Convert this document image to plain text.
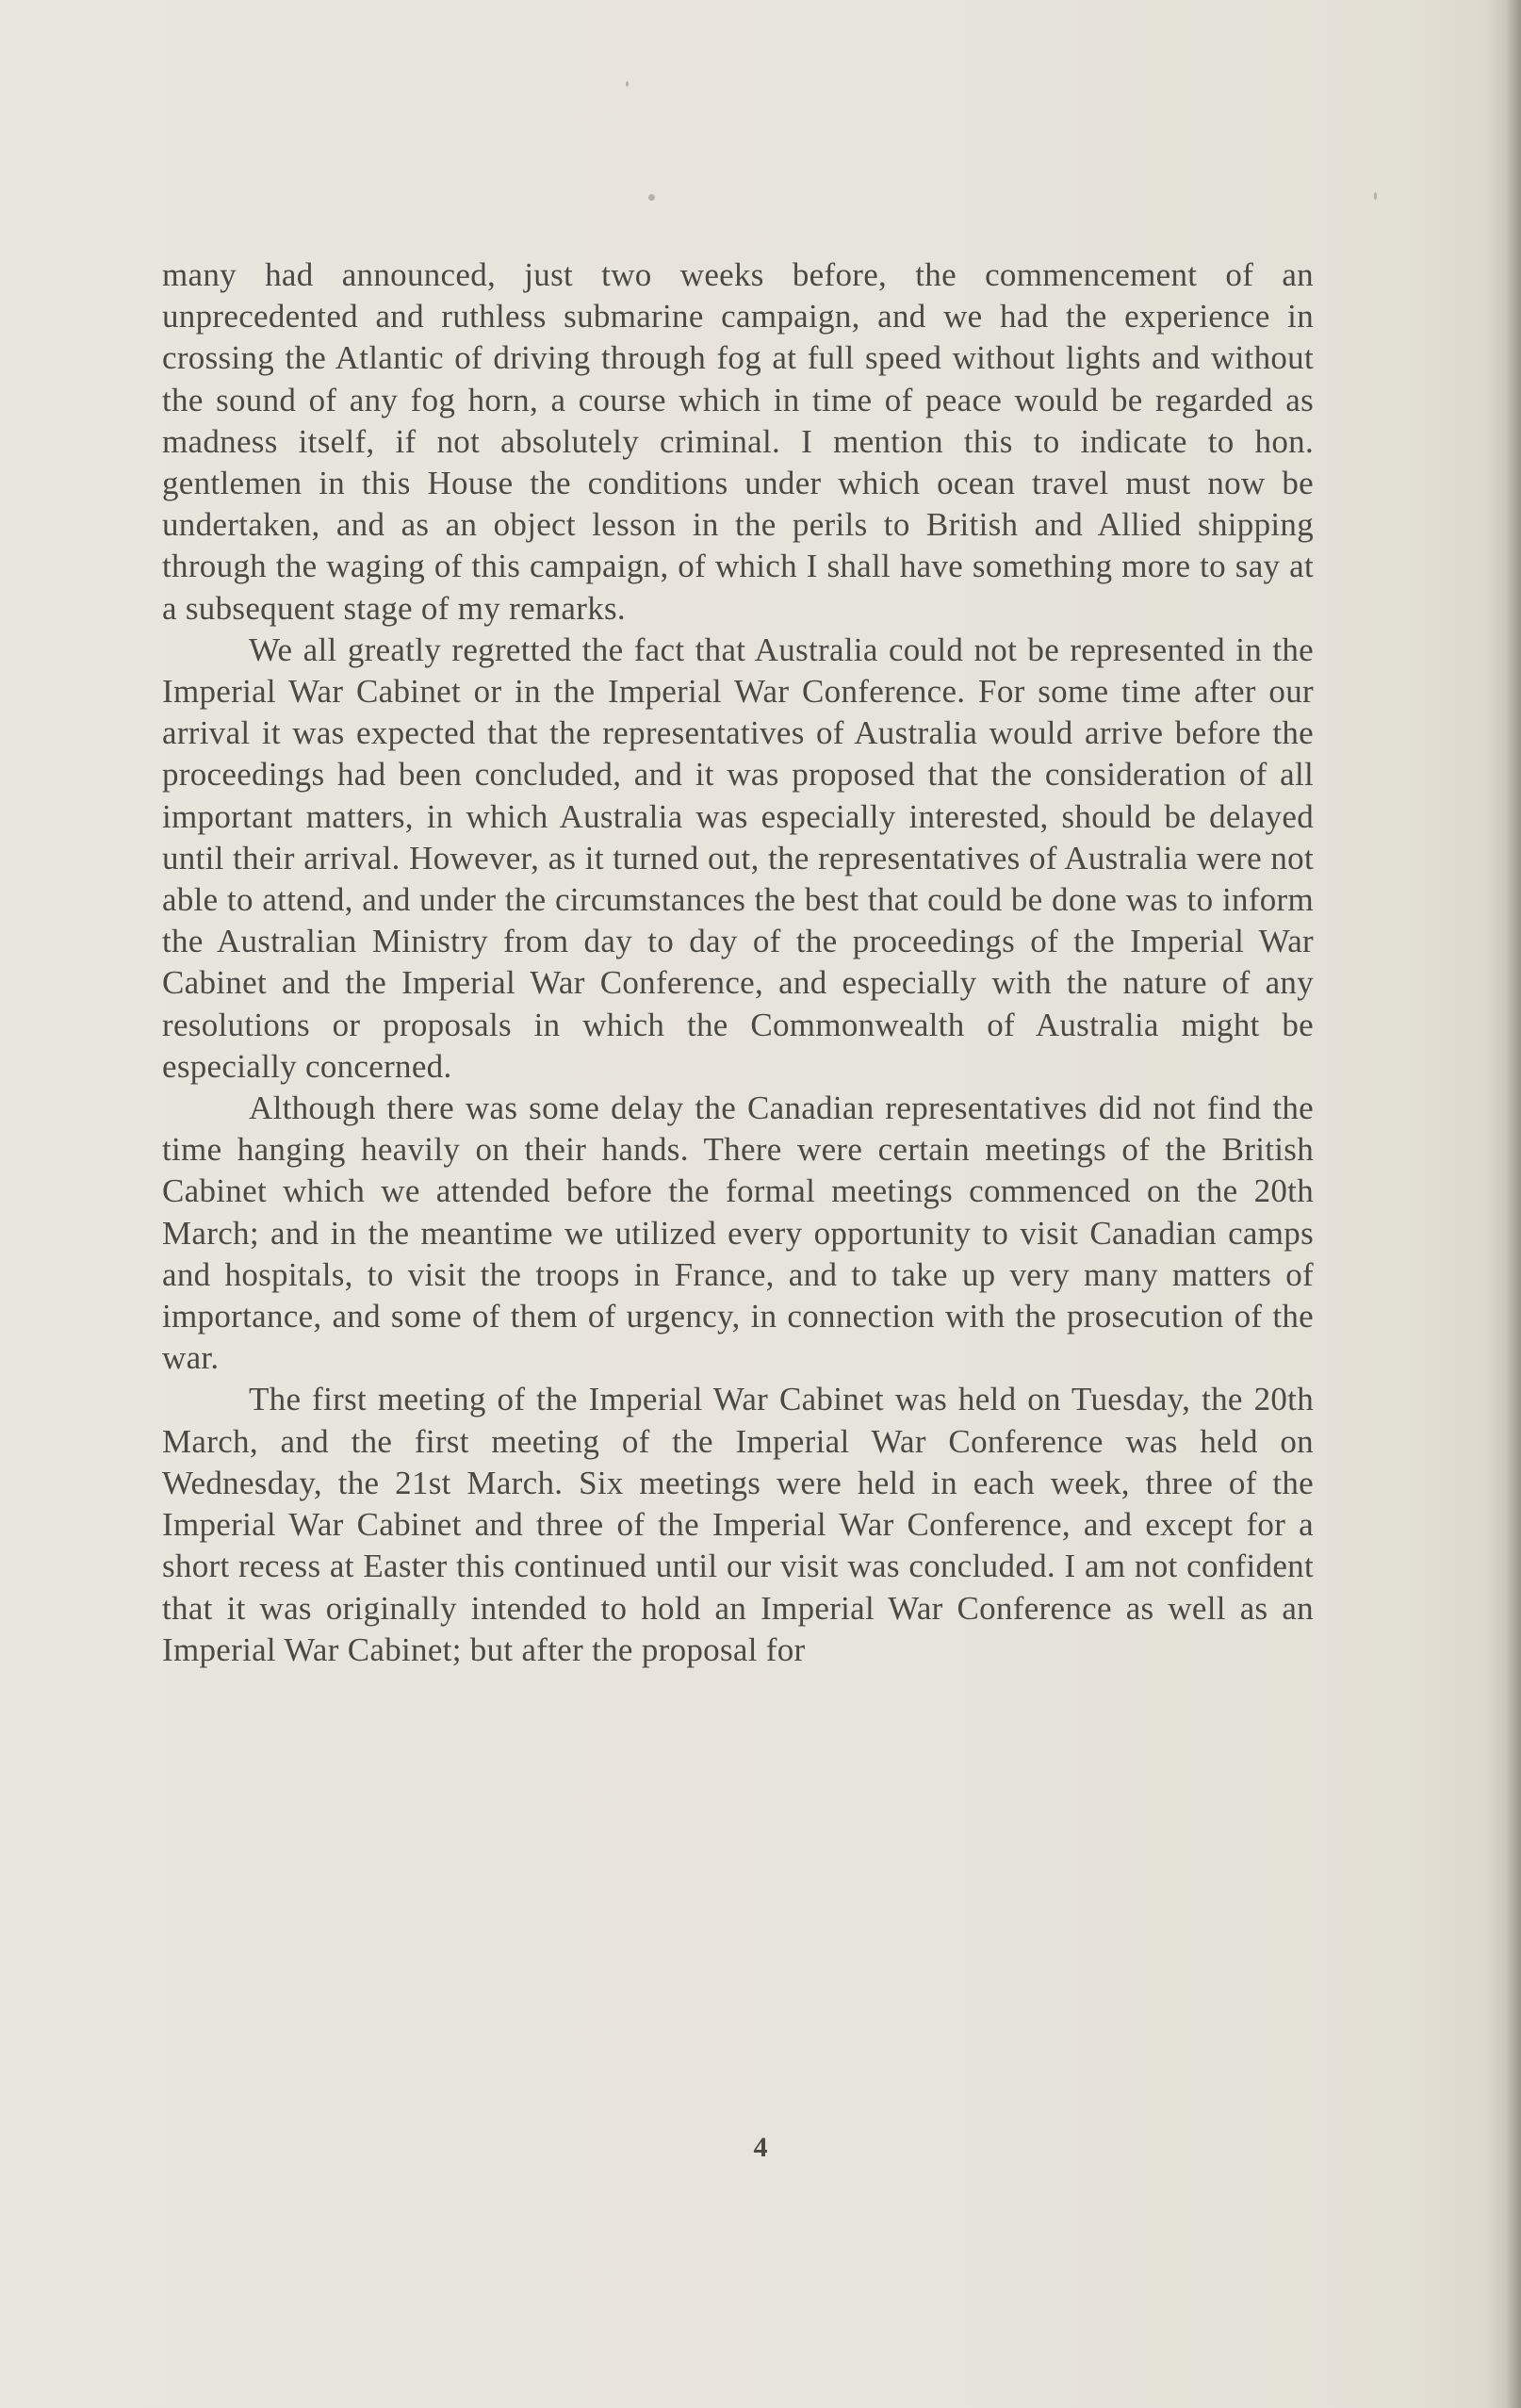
many had announced, just two weeks before, the commencement of an unprecedented and ruthless submarine campaign, and we had the experience in crossing the Atlantic of driving through fog at full speed without lights and without the sound of any fog horn, a course which in time of peace would be regarded as madness itself, if not absolutely criminal. I mention this to indicate to hon. gentlemen in this House the conditions under which ocean travel must now be undertaken, and as an object lesson in the perils to British and Allied shipping through the waging of this campaign, of which I shall have something more to say at a subsequent stage of my remarks.

We all greatly regretted the fact that Australia could not be represented in the Imperial War Cabinet or in the Imperial War Conference. For some time after our arrival it was expected that the representatives of Australia would arrive before the proceedings had been concluded, and it was proposed that the consideration of all important matters, in which Australia was especially interested, should be delayed until their arrival. However, as it turned out, the representatives of Australia were not able to attend, and under the circumstances the best that could be done was to inform the Australian Ministry from day to day of the proceedings of the Imperial War Cabinet and the Imperial War Conference, and especially with the nature of any resolutions or proposals in which the Commonwealth of Australia might be especially concerned.

Although there was some delay the Canadian representatives did not find the time hanging heavily on their hands. There were certain meetings of the British Cabinet which we attended before the formal meetings commenced on the 20th March; and in the meantime we utilized every opportunity to visit Canadian camps and hospitals, to visit the troops in France, and to take up very many matters of importance, and some of them of urgency, in connection with the prosecution of the war.

The first meeting of the Imperial War Cabinet was held on Tuesday, the 20th March, and the first meeting of the Imperial War Conference was held on Wednesday, the 21st March. Six meetings were held in each week, three of the Imperial War Cabinet and three of the Imperial War Conference, and except for a short recess at Easter this continued until our visit was concluded. I am not confident that it was originally intended to hold an Imperial War Conference as well as an Imperial War Cabinet; but after the proposal for

4
